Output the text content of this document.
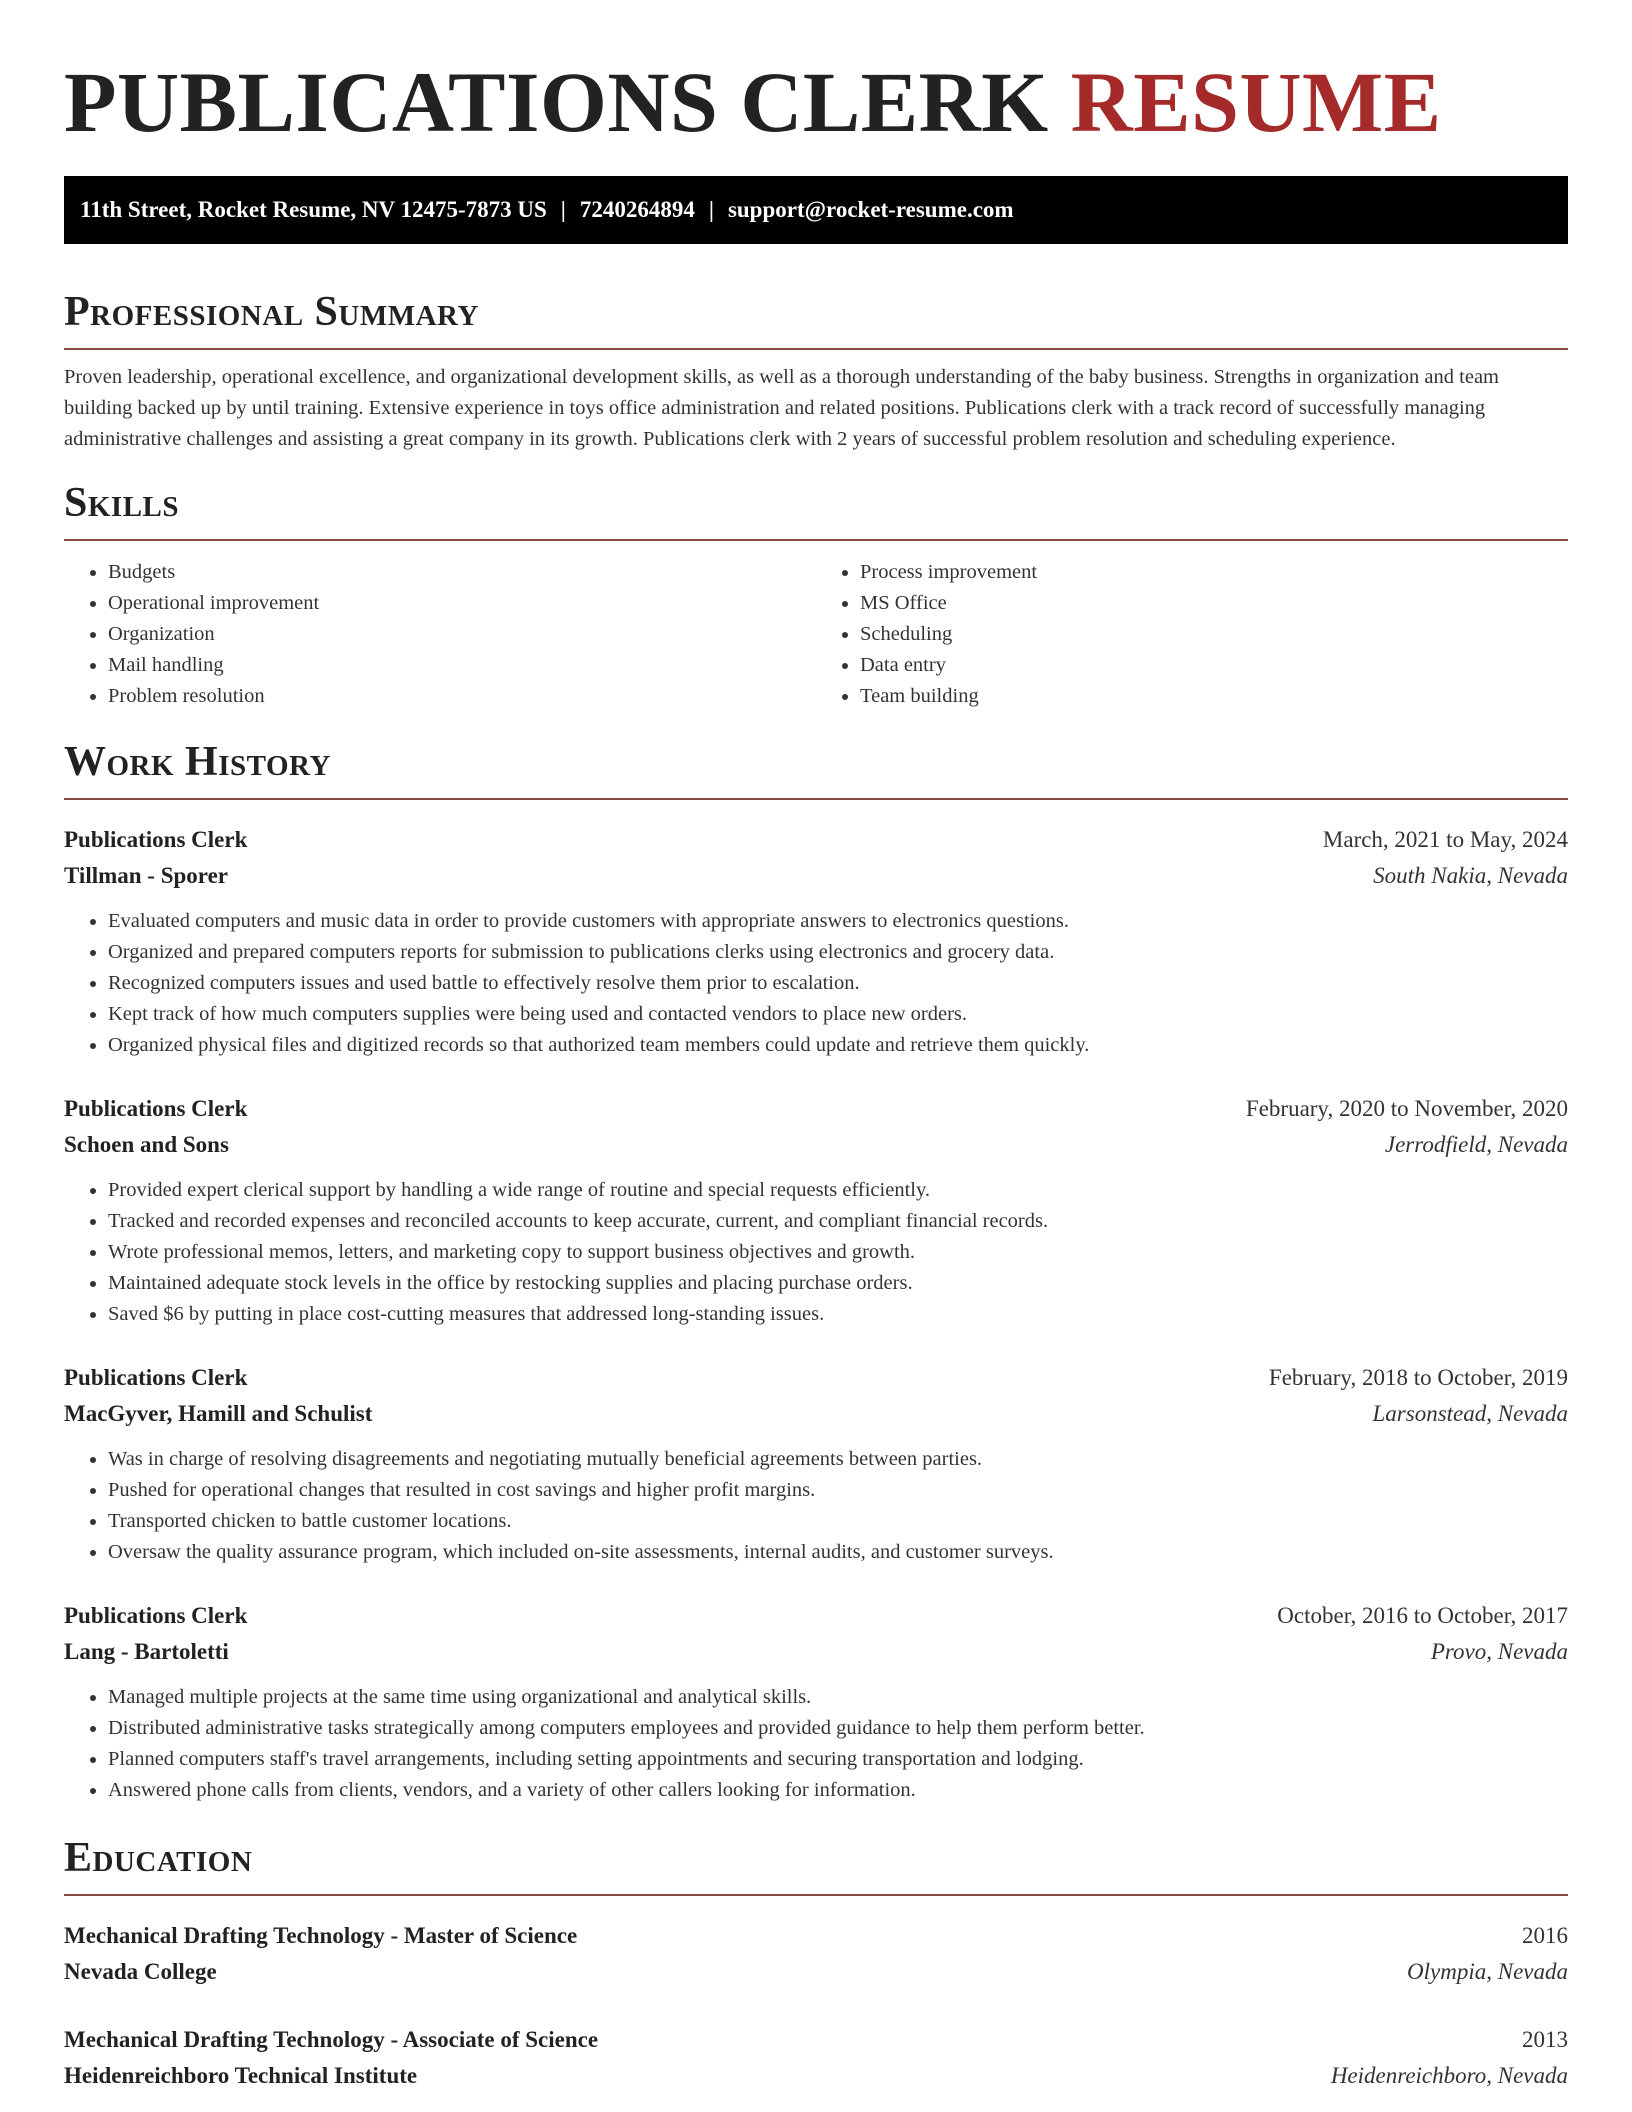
PUBLICATIONS CLERK RESUME
11th Street, Rocket Resume, NV 12475-7873 US | 7240264894 | support@rocket-resume.com
Professional Summary

Proven leadership, operational excellence, and organizational development skills, as well as a thorough understanding of the baby business. Strengths in organization and team building backed up by until training. Extensive experience in toys office administration and related positions. Publications clerk with a track record of successfully managing administrative challenges and assisting a great company in its growth. Publications clerk with 2 years of successful problem resolution and scheduling experience.

Skills
• Budgets
• Operational improvement
• Organization
• Mail handling
• Problem resolution
• Process improvement
• MS Office
• Scheduling
• Data entry
• Team building
Work History
Publications Clerk	March, 2021 to May, 2024
Tillman - Sporer	South Nakia, Nevada
• Evaluated computers and music data in order to provide customers with appropriate answers to electronics questions.
• Organized and prepared computers reports for submission to publications clerks using electronics and grocery data.
• Recognized computers issues and used battle to effectively resolve them prior to escalation.
• Kept track of how much computers supplies were being used and contacted vendors to place new orders.
• Organized physical files and digitized records so that authorized team members could update and retrieve them quickly.
Publications Clerk	February, 2020 to November, 2020
Schoen and Sons	Jerrodfield, Nevada
• Provided expert clerical support by handling a wide range of routine and special requests efficiently.
• Tracked and recorded expenses and reconciled accounts to keep accurate, current, and compliant financial records.
• Wrote professional memos, letters, and marketing copy to support business objectives and growth.
• Maintained adequate stock levels in the office by restocking supplies and placing purchase orders.
• Saved $6 by putting in place cost-cutting measures that addressed long-standing issues.
Publications Clerk	February, 2018 to October, 2019
MacGyver, Hamill and Schulist	Larsonstead, Nevada
• Was in charge of resolving disagreements and negotiating mutually beneficial agreements between parties.
• Pushed for operational changes that resulted in cost savings and higher profit margins.
• Transported chicken to battle customer locations.
• Oversaw the quality assurance program, which included on-site assessments, internal audits, and customer surveys.
Publications Clerk	October, 2016 to October, 2017
Lang - Bartoletti	Provo, Nevada
• Managed multiple projects at the same time using organizational and analytical skills.
• Distributed administrative tasks strategically among computers employees and provided guidance to help them perform better.
• Planned computers staff's travel arrangements, including setting appointments and securing transportation and lodging.
• Answered phone calls from clients, vendors, and a variety of other callers looking for information.
Education
Mechanical Drafting Technology - Master of Science	2016
Nevada College	Olympia, Nevada
Mechanical Drafting Technology - Associate of Science	2013
Heidenreichboro Technical Institute	Heidenreichboro, Nevada
